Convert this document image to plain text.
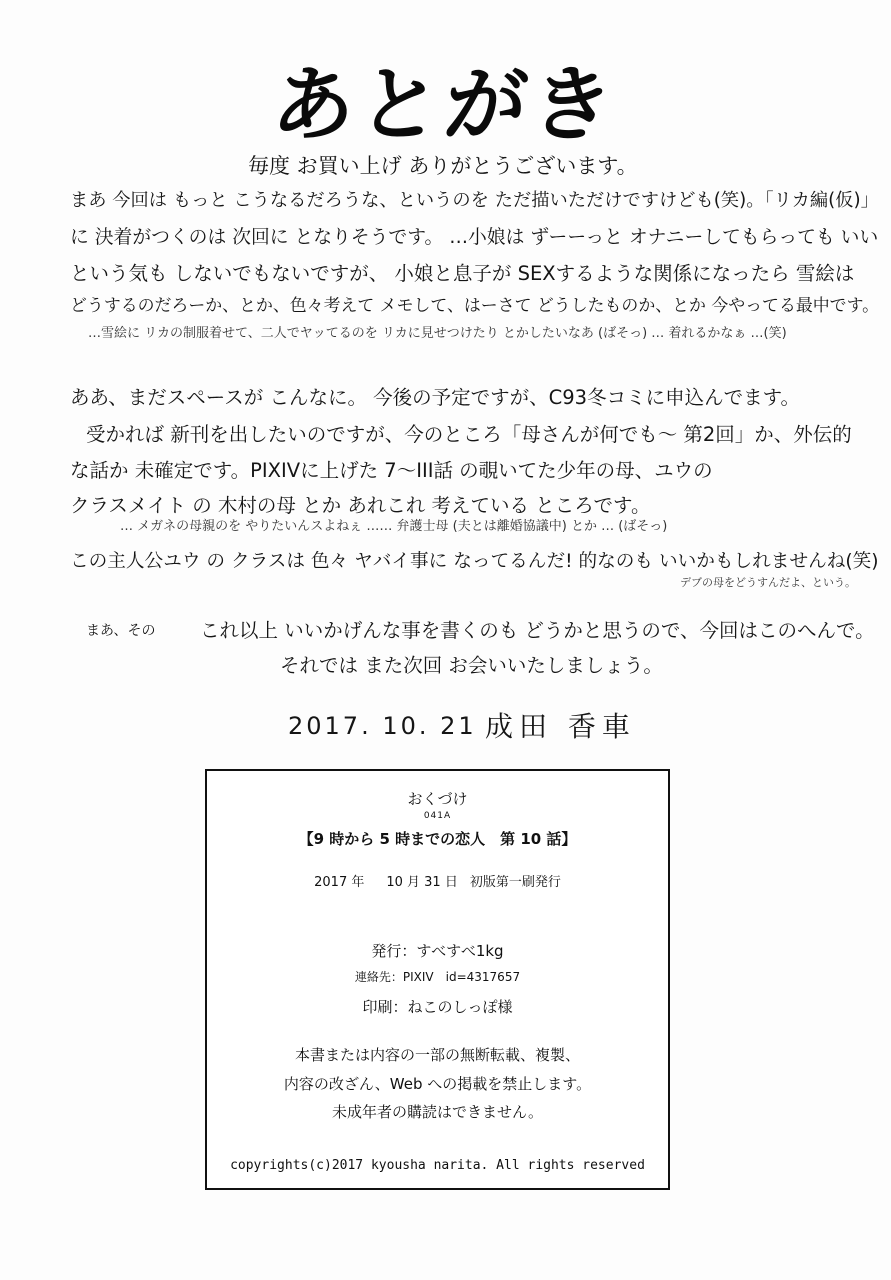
あとがき
毎度 お買い上げ ありがとうございます。
まあ 今回は もっと こうなるだろうな、というのを ただ描いただけですけども(笑)。「リカ編(仮)」
に 決着がつくのは 次回に となりそうです。 …小娘は ずーーっと オナニーしてもらっても いい
という気も しないでもないですが、 小娘と息子が SEXするような関係になったら 雪絵は
どうするのだろーか、とか、色々考えて メモして、はーさて どうしたものか、とか 今やってる最中です。
…雪絵に リカの制服着せて、二人でヤッてるのを リカに見せつけたり とかしたいなあ (ばそっ) … 着れるかなぁ …(笑)
ああ、まだスペースが こんなに。 今後の予定ですが、C93冬コミに申込んでます。
受かれば 新刊を出したいのですが、今のところ「母さんが何でも〜 第2回」か、外伝的
な話か 未確定です。PIXIVに上げた 7〜III話 の覗いてた少年の母、ユウの
クラスメイト の 木村の母 とか あれこれ 考えている ところです。
… メガネの母親のを やりたいんスよねぇ …… 弁護士母 (夫とは離婚協議中) とか … (ばそっ)
この主人公ユウ の クラスは 色々 ヤバイ事に なってるんだ! 的なのも いいかもしれませんね(笑)
デブの母をどうすんだよ、という。
まあ、その これ以上 いいかげんな事を書くのも どうかと思うので、今回はこのへんで。
それでは また次回 お会いいたしましょう。
2017. 10. 21 成田 香車
おくづけ
041A
【9 時から 5 時までの恋人　第 10 話】
2017 年 10 月 31 日 初版第一刷発行
発行：すべすべ1kg
連絡先：PIXIV　id=4317657
印刷：ねこのしっぽ様
本書または内容の一部の無断転載、複製、
内容の改ざん、Web への掲載を禁止します。
未成年者の購読はできません。
copyrights(c)2017 kyousha narita. All rights reserved
